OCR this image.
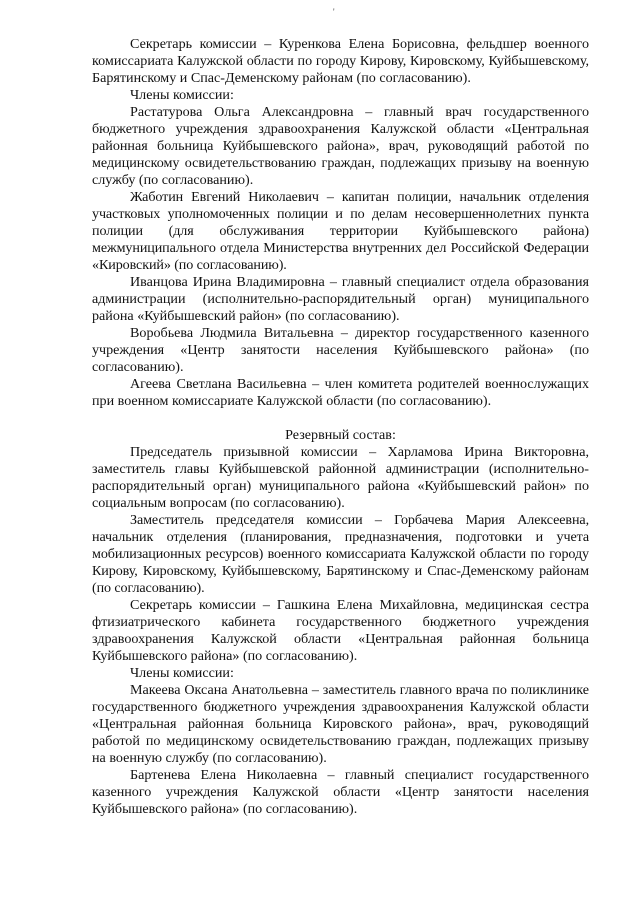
'

Секретарь комиссии – Куренкова Елена Борисовна, фельдшер военного комиссариата Калужской области по городу Кирову, Кировскому, Куйбышевскому, Барятинскому и Спас-Деменскому районам (по согласованию).

Члены комиссии:

Растатурова Ольга Александровна – главный врач государственного бюджетного учреждения здравоохранения Калужской области «Центральная районная больница Куйбышевского района», врач, руководящий работой по медицинскому освидетельствованию граждан, подлежащих призыву на военную службу (по согласованию).

Жаботин Евгений Николаевич – капитан полиции, начальник отделения участковых уполномоченных полиции и по делам несовершеннолетних пункта полиции (для обслуживания территории Куйбышевского района) межмуниципального отдела Министерства внутренних дел Российской Федерации «Кировский» (по согласованию).

Иванцова Ирина Владимировна – главный специалист отдела образования администрации (исполнительно-распорядительный орган) муниципального района «Куйбышевский район» (по согласованию).

Воробьева Людмила Витальевна – директор государственного казенного учреждения «Центр занятости населения Куйбышевского района» (по согласованию).

Агеева Светлана Васильевна – член комитета родителей военнослужащих при военном комиссариате Калужской области (по согласованию).

Резервный состав:

Председатель призывной комиссии – Харламова Ирина Викторовна, заместитель главы Куйбышевской районной администрации (исполнительно-распорядительный орган) муниципального района «Куйбышевский район» по социальным вопросам (по согласованию).

Заместитель председателя комиссии – Горбачева Мария Алексеевна, начальник отделения (планирования, предназначения, подготовки и учета мобилизационных ресурсов) военного комиссариата Калужской области по городу Кирову, Кировскому, Куйбышевскому, Барятинскому и Спас-Деменскому районам (по согласованию).

Секретарь комиссии – Гашкина Елена Михайловна, медицинская сестра фтизиатрического кабинета государственного бюджетного учреждения здравоохранения Калужской области «Центральная районная больница Куйбышевского района» (по согласованию).

Члены комиссии:

Макеева Оксана Анатольевна – заместитель главного врача по поликлинике государственного бюджетного учреждения здравоохранения Калужской области «Центральная районная больница Кировского района», врач, руководящий работой по медицинскому освидетельствованию граждан, подлежащих призыву на военную службу (по согласованию).

Бартенева Елена Николаевна – главный специалист государственного казенного учреждения Калужской области «Центр занятости населения Куйбышевского района» (по согласованию).
